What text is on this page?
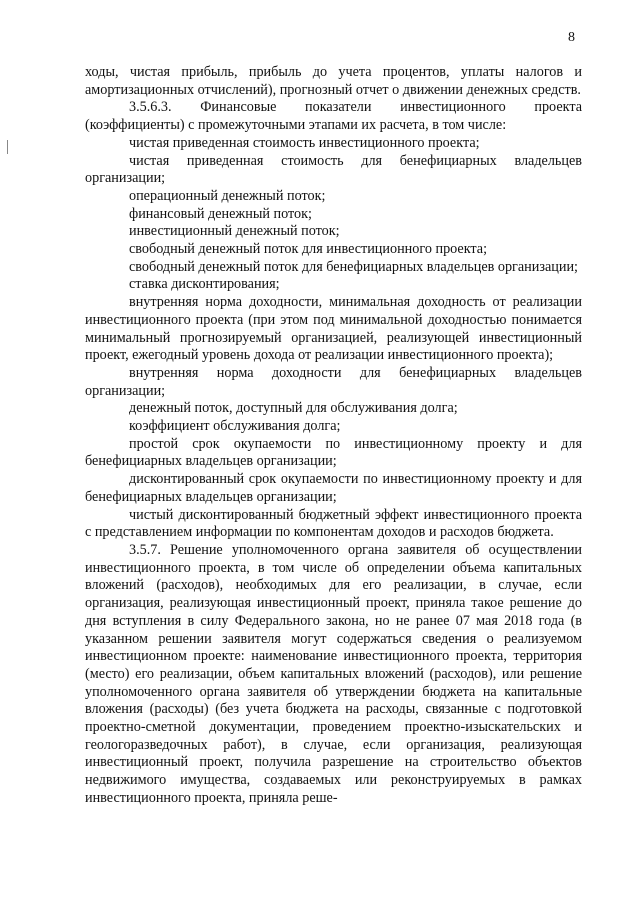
8

ходы, чистая прибыль, прибыль до учета процентов, уплаты налогов и амортизационных отчислений), прогнозный отчет о движении денежных средств.

3.5.6.3. Финансовые показатели инвестиционного проекта (коэффициенты) с промежуточными этапами их расчета, в том числе:

чистая приведенная стоимость инвестиционного проекта;

чистая приведенная стоимость для бенефициарных владельцев организации;

операционный денежный поток;

финансовый денежный поток;

инвестиционный денежный поток;

свободный денежный поток для инвестиционного проекта;

свободный денежный поток для бенефициарных владельцев организации;

ставка дисконтирования;

внутренняя норма доходности, минимальная доходность от реализации инвестиционного проекта (при этом под минимальной доходностью понимается минимальный прогнозируемый организацией, реализующей инвестиционный проект, ежегодный уровень дохода от реализации инвестиционного проекта);

внутренняя норма доходности для бенефициарных владельцев организации;

денежный поток, доступный для обслуживания долга;

коэффициент обслуживания долга;

простой срок окупаемости по инвестиционному проекту и для бенефициарных владельцев организации;

дисконтированный срок окупаемости по инвестиционному проекту и для бенефициарных владельцев организации;

чистый дисконтированный бюджетный эффект инвестиционного проекта с представлением информации по компонентам доходов и расходов бюджета.

3.5.7. Решение уполномоченного органа заявителя об осуществлении инвестиционного проекта, в том числе об определении объема капитальных вложений (расходов), необходимых для его реализации, в случае, если организация, реализующая инвестиционный проект, приняла такое решение до дня вступления в силу Федерального закона, но не ранее 07 мая 2018 года (в указанном решении заявителя могут содержаться сведения о реализуемом инвестиционном проекте: наименование инвестиционного проекта, территория (место) его реализации, объем капитальных вложений (расходов), или решение уполномоченного органа заявителя об утверждении бюджета на капитальные вложения (расходы) (без учета бюджета на расходы, связанные с подготовкой проектно-сметной документации, проведением проектно-изыскательских и геологоразведочных работ), в случае, если организация, реализующая инвестиционный проект, получила разрешение на строительство объектов недвижимого имущества, создаваемых или реконструируемых в рамках инвестиционного проекта, приняла реше-
